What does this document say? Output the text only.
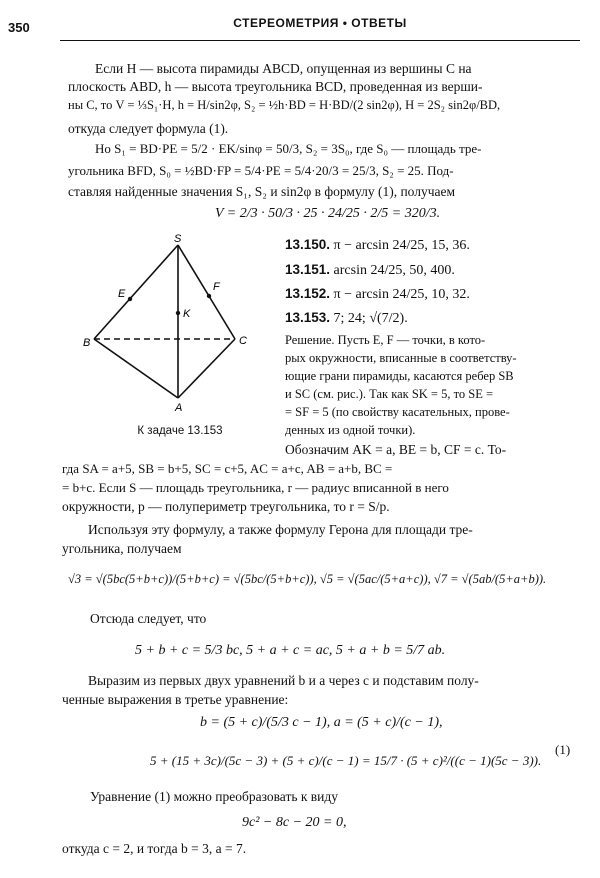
СТЕРЕОМЕТРИЯ • ОТВЕТЫ
350

Если H — высота пирамиды ABCD, опущенная из вершины C на

плоскость ABD, h — высота треугольника BCD, проведенная из верши-

ны C, то V = ⅓S₁·H, h = H/sin2φ, S₂ = ½h·BD = H·BD/(2 sin2φ), H = 2S₂ sin2φ/BD,

откуда следует формула (1).

Но S₁ = BD·PE = 5/2 · EK/sinφ = 50/3, S₂ = 3S₀, где S₀ — площадь тре-

угольника BFD, S₀ = ½BD·FP = 5/4·PE = 5/4·20/3 = 25/3, S₂ = 25. Под-

ставляя найденные значения S₁, S₂ и sin2φ в формулу (1), получаем

V = 2/3 · 50/3 · 25 · 24/25 · 2/5 = 320/3.
S
E
F
K
B	C
A
К задаче 13.153
13.150. π − arcsin 24/25, 15, 36.
13.151. arcsin 24/25, 50, 400.
13.152. π − arcsin 24/25, 10, 32.
13.153. 7; 24; √(7/2).

Решение. Пусть E, F — точки, в кото-

рых окружности, вписанные в соответству-

ющие грани пирамиды, касаются ребер SB

и SC (см. рис.). Так как SK = 5, то SE =

= SF = 5 (по свойству касательных, прове-

денных из одной точки).

Обозначим AK = a, BE = b, CF = c. То-

гда SA = a+5, SB = b+5, SC = c+5, AC = a+c, AB = a+b, BC =

= b+c. Если S — площадь треугольника, r — радиус вписанной в него

окружности, p — полупериметр треугольника, то r = S/p.

Используя эту формулу, а также формулу Герона для площади тре-

угольника, получаем

√3 = √(5bc(5+b+c))/(5+b+c) = √(5bc/(5+b+c)), √5 = √(5ac/(5+a+c)), √7 = √(5ab/(5+a+b)).

Отсюда следует, что

5 + b + c = 5/3 bc, 5 + a + c = ac, 5 + a + b = 5/7 ab.

Выразим из первых двух уравнений b и a через c и подставим полу-

ченные выражения в третье уравнение:

b = (5 + c)/(5/3 c − 1), a = (5 + c)/(c − 1),
5 + (15 + 3c)/(5c − 3) + (5 + c)/(c − 1) = 15/7 · (5 + c)²/((c − 1)(5c − 3)).
(1)

Уравнение (1) можно преобразовать к виду

9c² − 8c − 20 = 0,

откуда c = 2, и тогда b = 3, a = 7.
